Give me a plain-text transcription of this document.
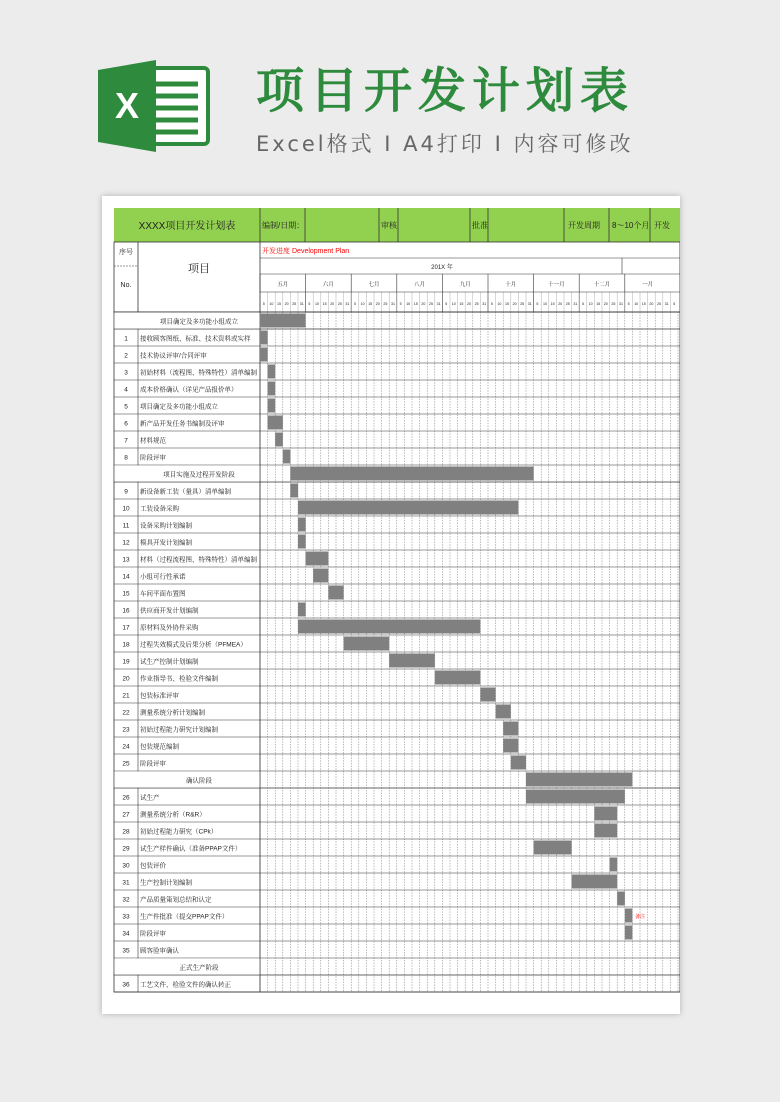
X 项目开发计划表
Excel格式 I A4打印 I 内容可修改
XXXX项目开发计划表	编制/日期：	审核	批准	开发周期 8～10个月 开发
序号
No.
项目
开发进度 Development Plan
201X 年
五月	六月	七月	八月	九月	十月	十一月	十二月	一月
5 10 15 20 25 31 5 10 15 20 25 31 5 10 15 20 25 31 5 10 15 20 25 31 5 10 15 20 25 31 5 10 15 20 25 31 5 10 15 20 25 31 5 10 15 20 25 31 5 10 15 20 25 31 5
项目确定及多功能小组成立
1 接收顾客图纸、标准、技术资料或实样
2 技术协议评审/合同评审
3 初始材料（流程图、特殊特性）清单编制
4 成本价格确认（详见产品报价单）
5 项目确定及多功能小组成立
6 新产品开发任务书编制及评审
7 材料规范
8 阶段评审
项目实施及过程开发阶段
9 新设备新工装（量具）清单编制
10 工装设备采购
11 设备采购计划编制
12 模具开发计划编制
13 材料（过程流程图、特殊特性）清单编制
14 小组可行性承诺
15 车间平面布置图
16 供应商开发计划编制
17 原材料及外协件采购
18 过程失效模式及后果分析（PFMEA）
19 试生产控制计划编制
20 作业指导书、检验文件编制
21 包装标准评审
22 测量系统分析计划编制
23 初始过程能力研究计划编制
24 包装规范编制
25 阶段评审
确认阶段
26 试生产
27 测量系统分析（R&R）
28 初始过程能力研究（CPk）
29 试生产样件确认（准备PPAP文件）
30 包装评价
31 生产控制计划编制
32 产品质量策划总结和认定
33 生产件批准（提交PPAP文件）
34 阶段评审
35 顾客验审确认
正式生产阶段
36 工艺文件、检验文件的确认转正
备注
